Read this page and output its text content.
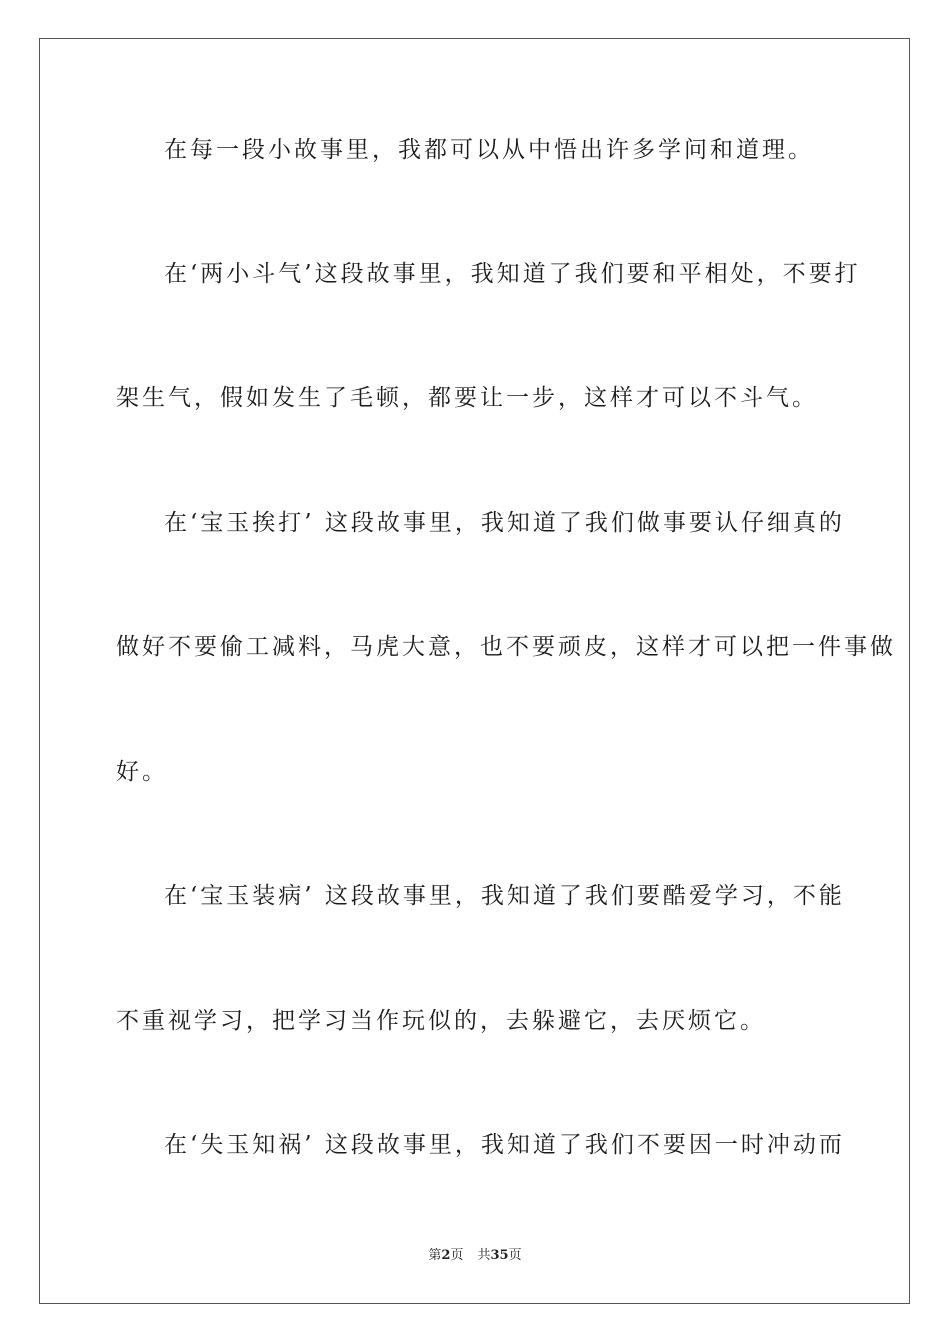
在每一段小故事里，我都可以从中悟出许多学问和道理。
在‘两小斗气’这段故事里，我知道了我们要和平相处，不要打
架生气，假如发生了毛顿，都要让一步，这样才可以不斗气。
在‘宝玉挨打’ 这段故事里，我知道了我们做事要认仔细真的
做好不要偷工减料，马虎大意，也不要顽皮，这样才可以把一件事做
好。
在‘宝玉装病’ 这段故事里，我知道了我们要酷爱学习，不能
不重视学习，把学习当作玩似的，去躲避它，去厌烦它。
在‘失玉知祸’ 这段故事里，我知道了我们不要因一时冲动而
第2页 共35页
